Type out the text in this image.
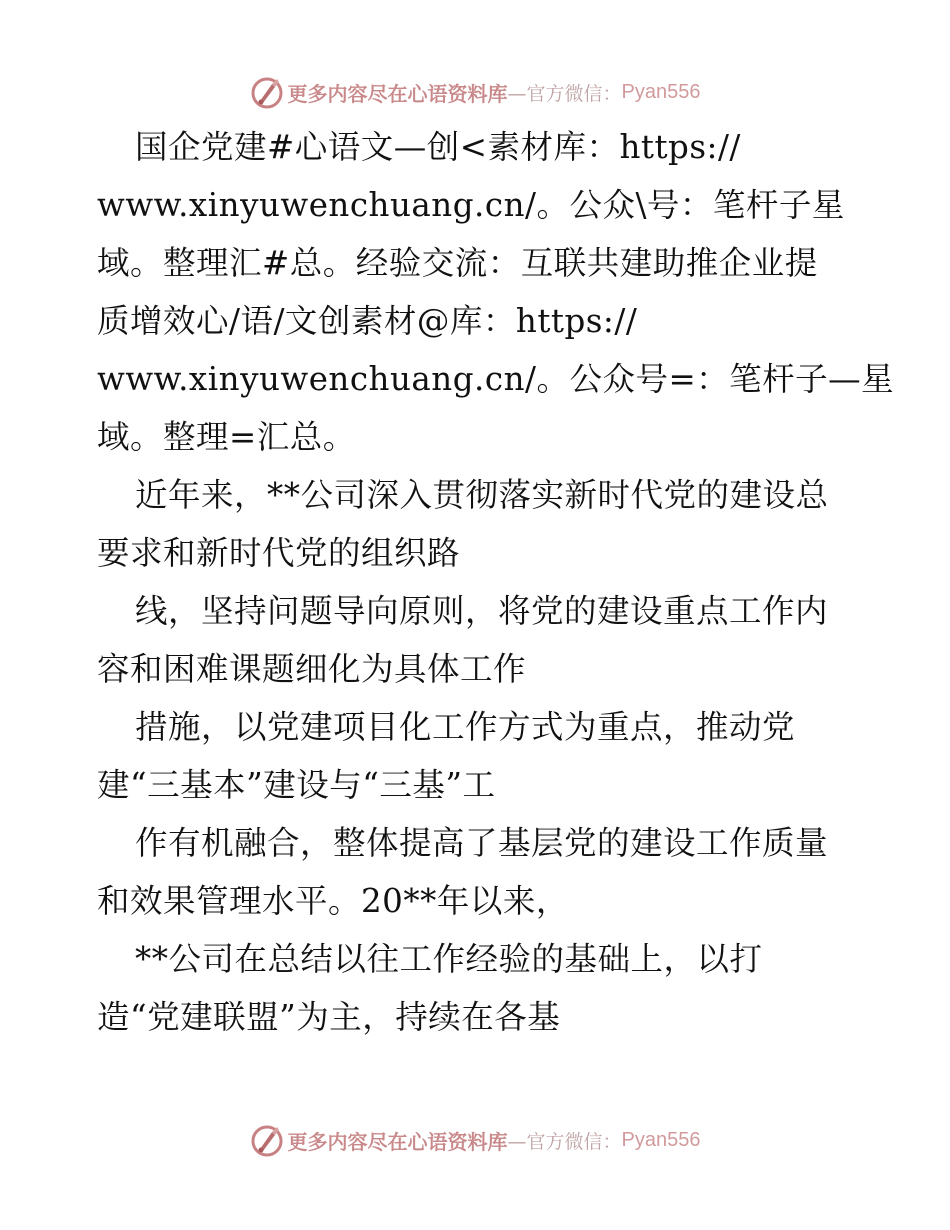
更多内容尽在心语资料库 —官方微信： Pyan556
国企党建#心语文—创<素材库：https://
www.xinyuwenchuang.cn/。公众\号：笔杆子星
域。整理汇#总。经验交流：互联共建助推企业提
质增效心/语/文创素材@库：https://
www.xinyuwenchuang.cn/。公众号=：笔杆子—星
域。整理=汇总。
近年来，**公司深入贯彻落实新时代党的建设总
要求和新时代党的组织路
线，坚持问题导向原则，将党的建设重点工作内
容和困难课题细化为具体工作
措施，以党建项目化工作方式为重点，推动党
建“三基本”建设与“三基”工
作有机融合，整体提高了基层党的建设工作质量
和效果管理水平。20**年以来，
**公司在总结以往工作经验的基础上，以打
造“党建联盟”为主，持续在各基
更多内容尽在心语资料库 —官方微信： Pyan556
